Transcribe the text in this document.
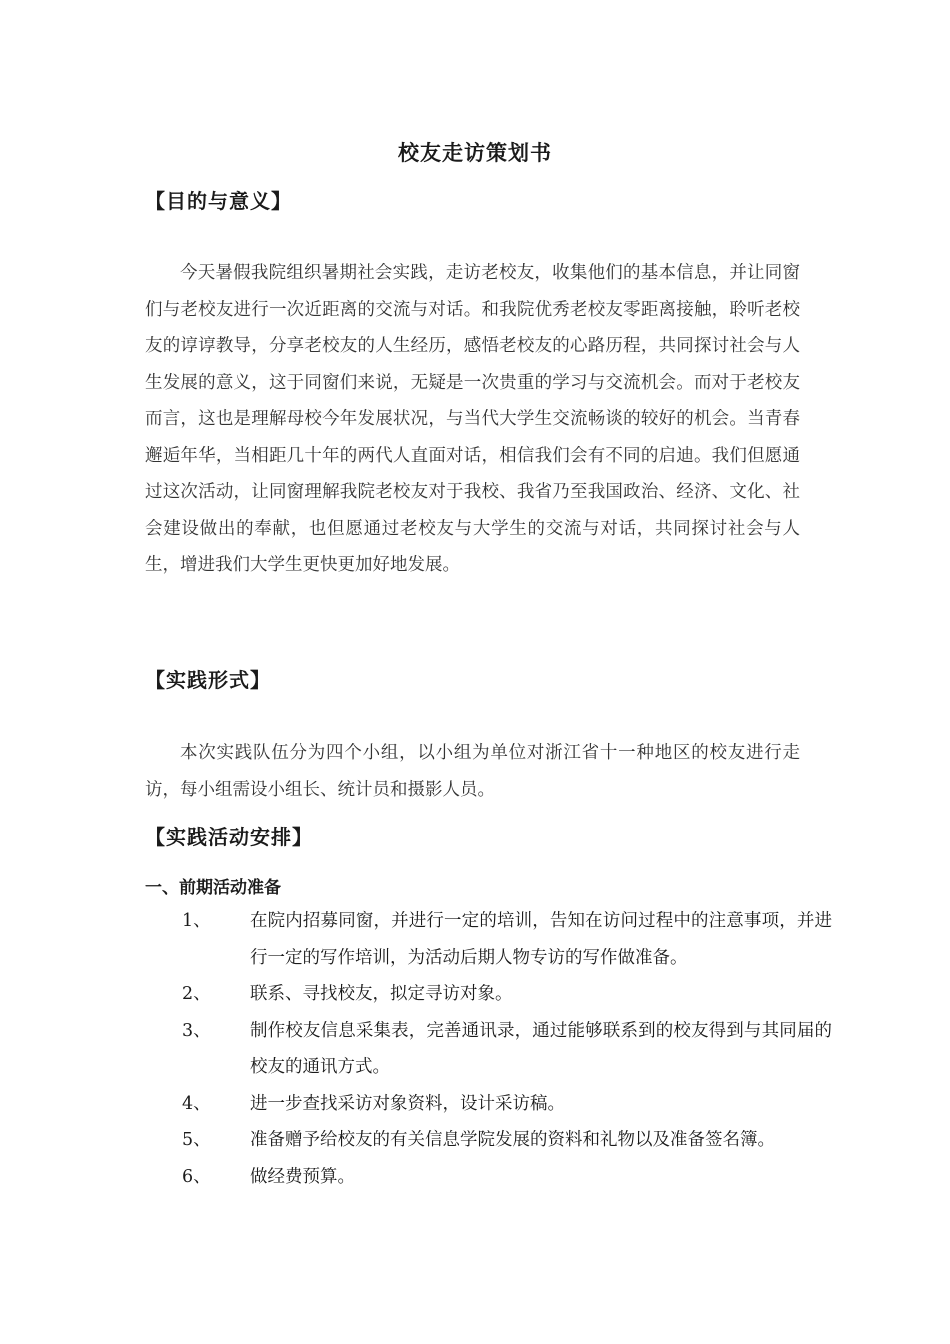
校友走访策划书
【目的与意义】
今天暑假我院组织暑期社会实践，走访老校友，收集他们的基本信息，并让同窗们与老校友进行一次近距离的交流与对话。和我院优秀老校友零距离接触，聆听老校友的谆谆教导，分享老校友的人生经历，感悟老校友的心路历程，共同探讨社会与人生发展的意义，这于同窗们来说，无疑是一次贵重的学习与交流机会。而对于老校友而言，这也是理解母校今年发展状况，与当代大学生交流畅谈的较好的机会。当青春邂逅年华，当相距几十年的两代人直面对话，相信我们会有不同的启迪。我们但愿通过这次活动，让同窗理解我院老校友对于我校、我省乃至我国政治、经济、文化、社会建设做出的奉献，也但愿通过老校友与大学生的交流与对话，共同探讨社会与人生，增进我们大学生更快更加好地发展。
【实践形式】
本次实践队伍分为四个小组，以小组为单位对浙江省十一种地区的校友进行走访，每小组需设小组长、统计员和摄影人员。
【实践活动安排】
一、前期活动准备
1、	在院内招募同窗，并进行一定的培训，告知在访问过程中的注意事项，并进行一定的写作培训，为活动后期人物专访的写作做准备。
2、	联系、寻找校友，拟定寻访对象。
3、	制作校友信息采集表，完善通讯录，通过能够联系到的校友得到与其同届的校友的通讯方式。
4、	进一步查找采访对象资料，设计采访稿。
5、	准备赠予给校友的有关信息学院发展的资料和礼物以及准备签名簿。
6、	做经费预算。
